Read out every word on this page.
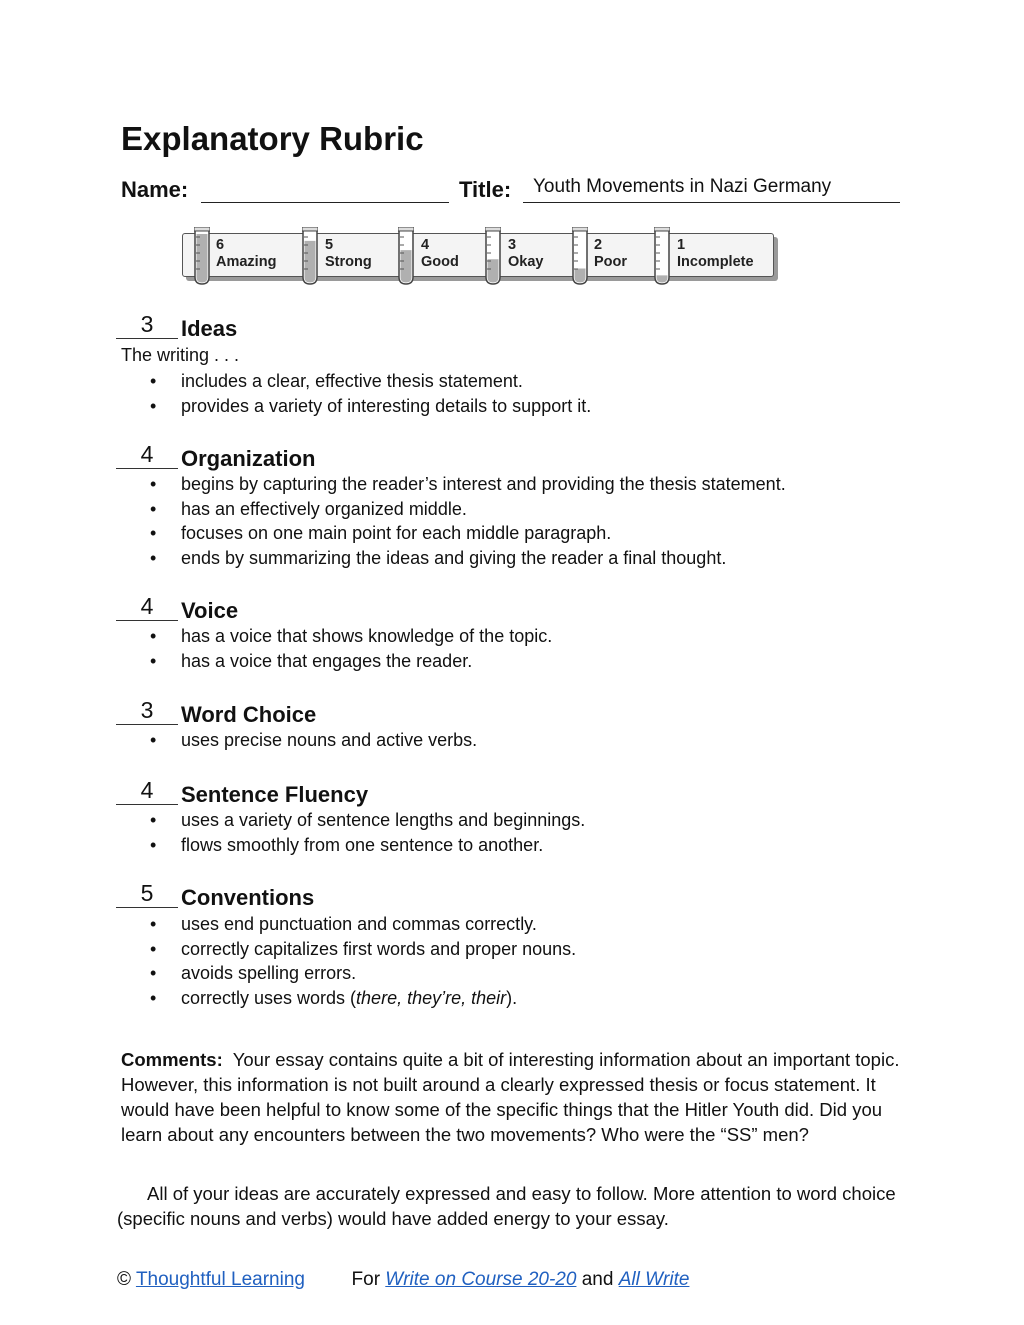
Explanatory Rubric
Name:	Title: Youth Movements in Nazi Germany
6
Amazing
5
Strong
4
Good
3
Okay
2
Poor
1
Incomplete
3	Ideas
The writing . . .
• includes a clear, effective thesis statement.
• provides a variety of interesting details to support it.
4	Organization
• begins by capturing the reader’s interest and providing the thesis statement.
• has an effectively organized middle.
• focuses on one main point for each middle paragraph.
• ends by summarizing the ideas and giving the reader a final thought.
4	Voice
• has a voice that shows knowledge of the topic.
• has a voice that engages the reader.
3	Word Choice
• uses precise nouns and active verbs.
4	Sentence Fluency
• uses a variety of sentence lengths and beginnings.
• flows smoothly from one sentence to another.
5	Conventions
• uses end punctuation and commas correctly.
• correctly capitalizes first words and proper nouns.
• avoids spelling errors.
• correctly uses words (there, they’re, their).

Comments: Your essay contains quite a bit of interesting information about an important topic. However, this information is not built around a clearly expressed thesis or focus statement. It would have been helpful to know some of the specific things that the Hitler Youth did. Did you learn about any encounters between the two movements? Who were the “SS” men?

All of your ideas are accurately expressed and easy to follow. More attention to word choice (specific nouns and verbs) would have added energy to your essay.

© Thoughtful Learning For Write on Course 20-20 and All Write
